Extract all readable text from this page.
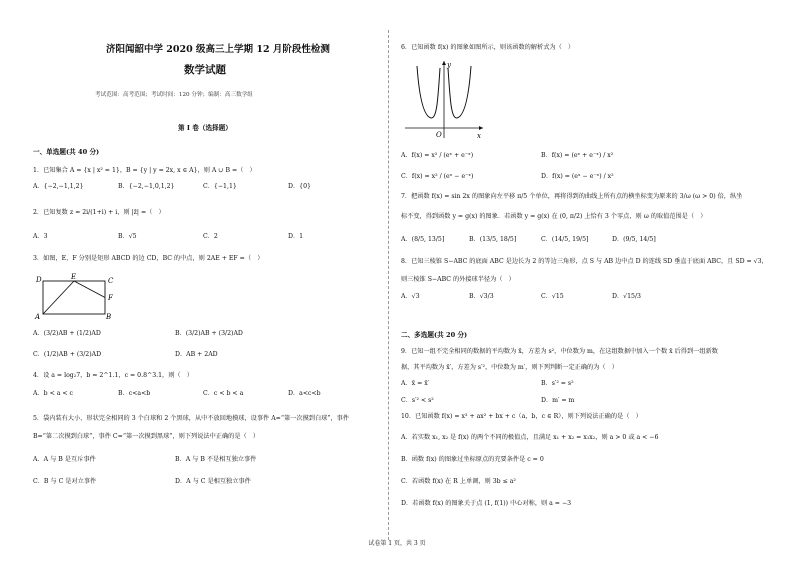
济阳闻韶中学 2020 级高三上学期 12 月阶段性检测
数学试题
考试范围：高考范围；考试时间：120 分钟；编制：高三数学组
第 I 卷（选择题）
一、单选题(共 40 分)
1．已知集合 A = {x | x² = 1}，B = {y | y = 2x, x ∈ A}，则 A ∪ B =（　）
A．{−2,−1,1,2}	B．{−2,−1,0,1,2}	C．{−1,1}	D．{0}
2．已知复数 z = 2i/(1+i) + i，则 |z̄| =（　）
A．3	B．√5	C．2	D．1
3．如图，E，F 分别是矩形 ABCD 的边 CD，BC 的中点，则 2AE + EF =（　）
D	E	C
F
A	B
A．(3/2)AB + (1/2)AD	B．(3/2)AB + (3/2)AD
C．(1/2)AB + (3/2)AD	D．AB + 2AD
4．设 a = log₂7，b = 2^1.1，c = 0.8^3.1，则（　）
A．b < a < c	B．c<a<b	C．c < b < a	D．a<c<b
5．袋内装有大小、形状完全相同的 3 个白球和 2 个黑球，从中不放回地摸球，设事件 A=“第一次摸到白球”，事件
B=“第二次摸到白球”，事件 C=“第一次摸到黑球”，则下列说法中正确的是（　）
A．A 与 B 是互斥事件	B．A 与 B 不是相互独立事件
C．B 与 C 是对立事件	D．A 与 C 是相互独立事件
6．已知函数 f(x) 的图象如图所示，则该函数的解析式为（　）
y
O	x
A．f(x) = x² / (eˣ + e⁻ˣ)	B．f(x) = (eˣ + e⁻ˣ) / x²
C．f(x) = x² / (eˣ − e⁻ˣ)	D．f(x) = (eˣ − e⁻ˣ) / x²
7．把函数 f(x) = sin 2x 的图象向左平移 π/5 个单位，再将得到的曲线上所有点的横坐标变为原来的 3/ω (ω > 0) 倍，纵坐
标不变，得到函数 y = g(x) 的图象．若函数 y = g(x) 在 (0, π/2) 上恰有 3 个零点，则 ω 的取值范围是（　）
A．(8/5, 13/5]	B．(13/5, 18/5]	C．(14/5, 19/5]	D．(9/5, 14/5]
8．已知三棱锥 S−ABC 的底面 ABC 是边长为 2 的等边三角形，点 S 与 AB 边中点 D 的连线 SD 垂直于底面 ABC，且 SD = √3，
则三棱锥 S−ABC 的外接球半径为（　）
A．√3	B．√3/3	C．√15	D．√15/3
二、多选题(共 20 分)
9．已知一组不完全相同的数据的平均数为 x̄，方差为 s²，中位数为 m，在这组数据中加入一个数 x̄ 后得到一组新数
据，其平均数为 x̄′，方差为 s′²，中位数为 m′，则下列判断一定正确的为（　）
A．x̄ = x̄′	B．s′² = s²
C．s′² < s²	D．m′ = m
10．已知函数 f(x) = x³ + ax² + bx + c（a，b，c ∈ R），则下列说法正确的是（　）
A．若实数 x₁, x₂ 是 f(x) 的两个不同的极值点，且满足 x₁ + x₂ = x₁x₂，则 a > 0 或 a < −6
B．函数 f(x) 的图象过坐标原点的充要条件是 c = 0
C．若函数 f(x) 在 R 上单调，则 3b ≤ a²
D．若函数 f(x) 的图象关于点 (1, f(1)) 中心对称，则 a = −3
试卷第 1 页，共 3 页
